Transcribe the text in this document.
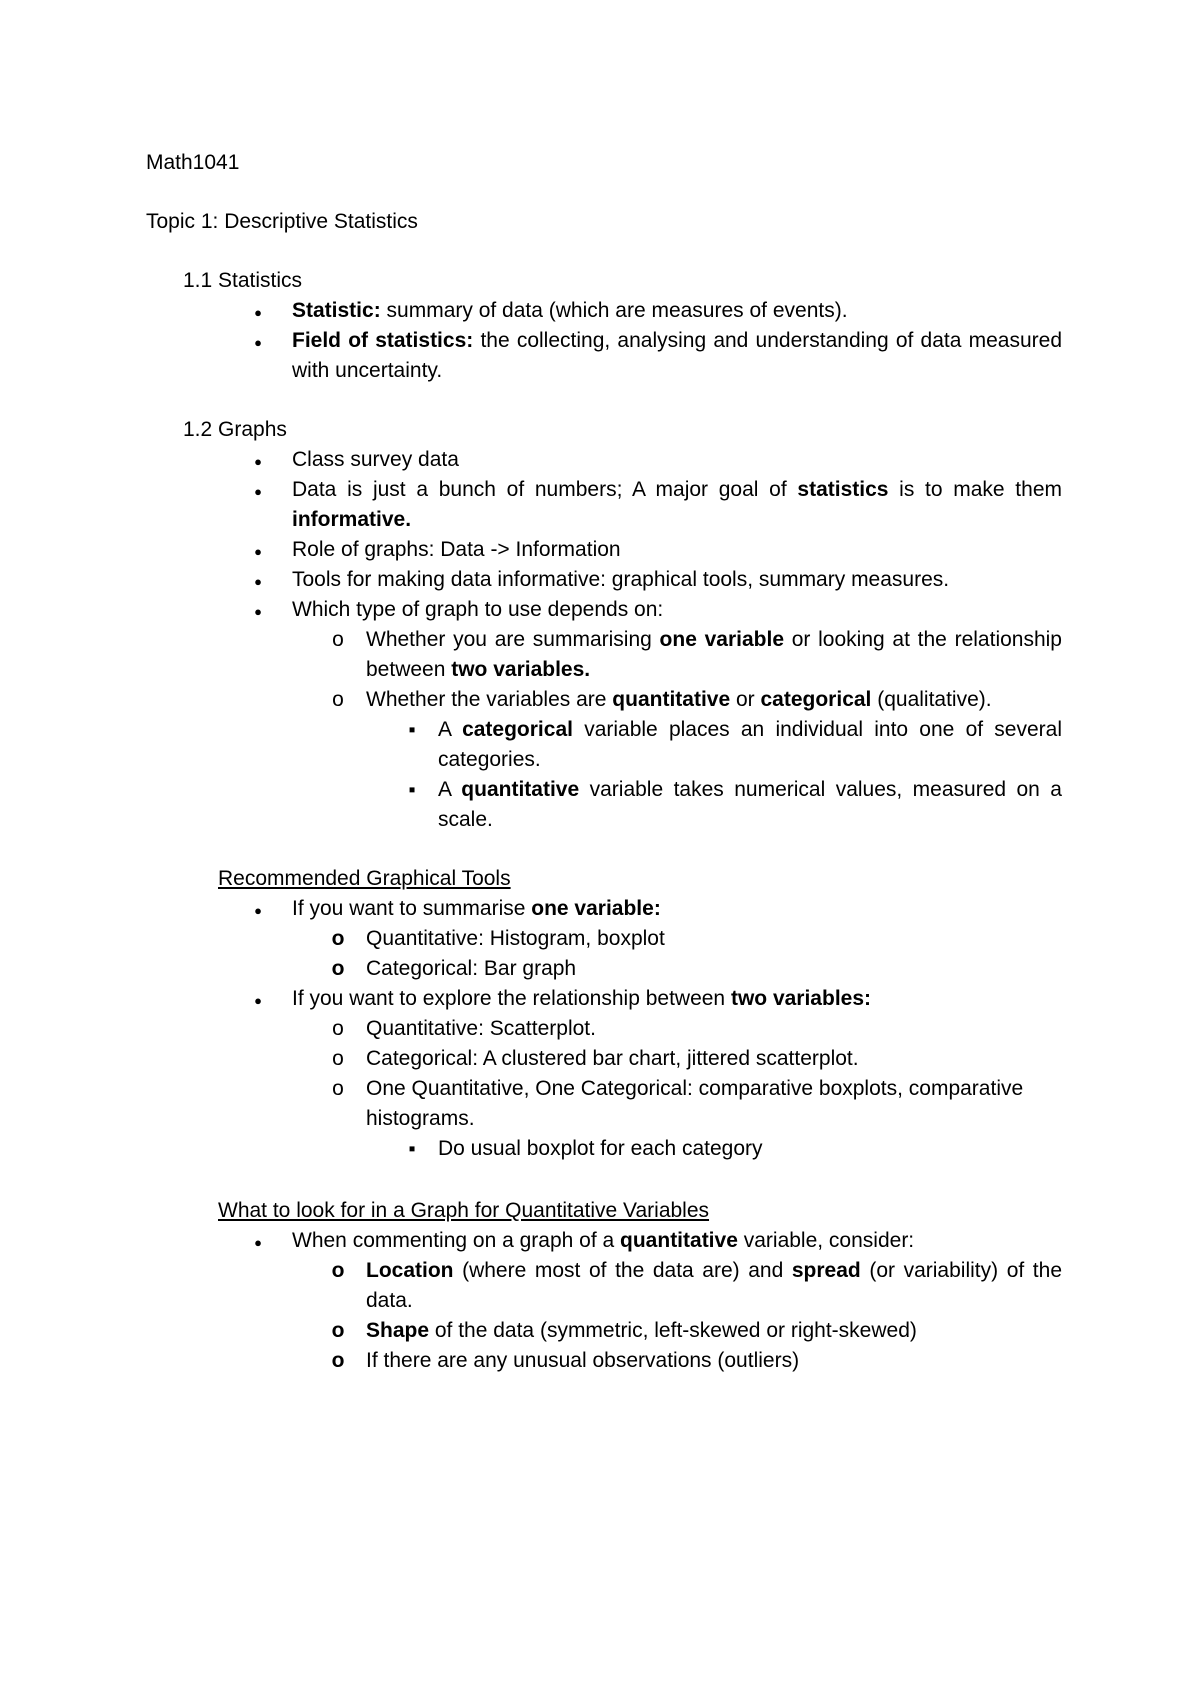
Math1041

Topic 1: Descriptive Statistics

1.1 Statistics

●
Statistic: summary of data (which are measures of events).
●
Field of statistics: the collecting, analysing and understanding of data measured with uncertainty.

1.2 Graphs

●
Class survey data
●
Data is just a bunch of numbers; A major goal of statistics is to make them informative.
●
Role of graphs: Data -> Information
●
Tools for making data informative: graphical tools, summary measures.
●
Which type of graph to use depends on:
o
Whether you are summarising one variable or looking at the relationship between two variables.
o
Whether the variables are quantitative or categorical (qualitative).
▪
A categorical variable places an individual into one of several categories.
▪
A quantitative variable takes numerical values, measured on a scale.

Recommended Graphical Tools

●
If you want to summarise one variable:
o
Quantitative: Histogram, boxplot
o
Categorical: Bar graph
●
If you want to explore the relationship between two variables:
o
Quantitative: Scatterplot.
o
Categorical: A clustered bar chart, jittered scatterplot.
o
One Quantitative, One Categorical: comparative boxplots, comparative histograms.
▪
Do usual boxplot for each category

What to look for in a Graph for Quantitative Variables

●
When commenting on a graph of a quantitative variable, consider:
o
Location (where most of the data are) and spread (or variability) of the data.
o
Shape of the data (symmetric, left-skewed or right-skewed)
o
If there are any unusual observations (outliers)
